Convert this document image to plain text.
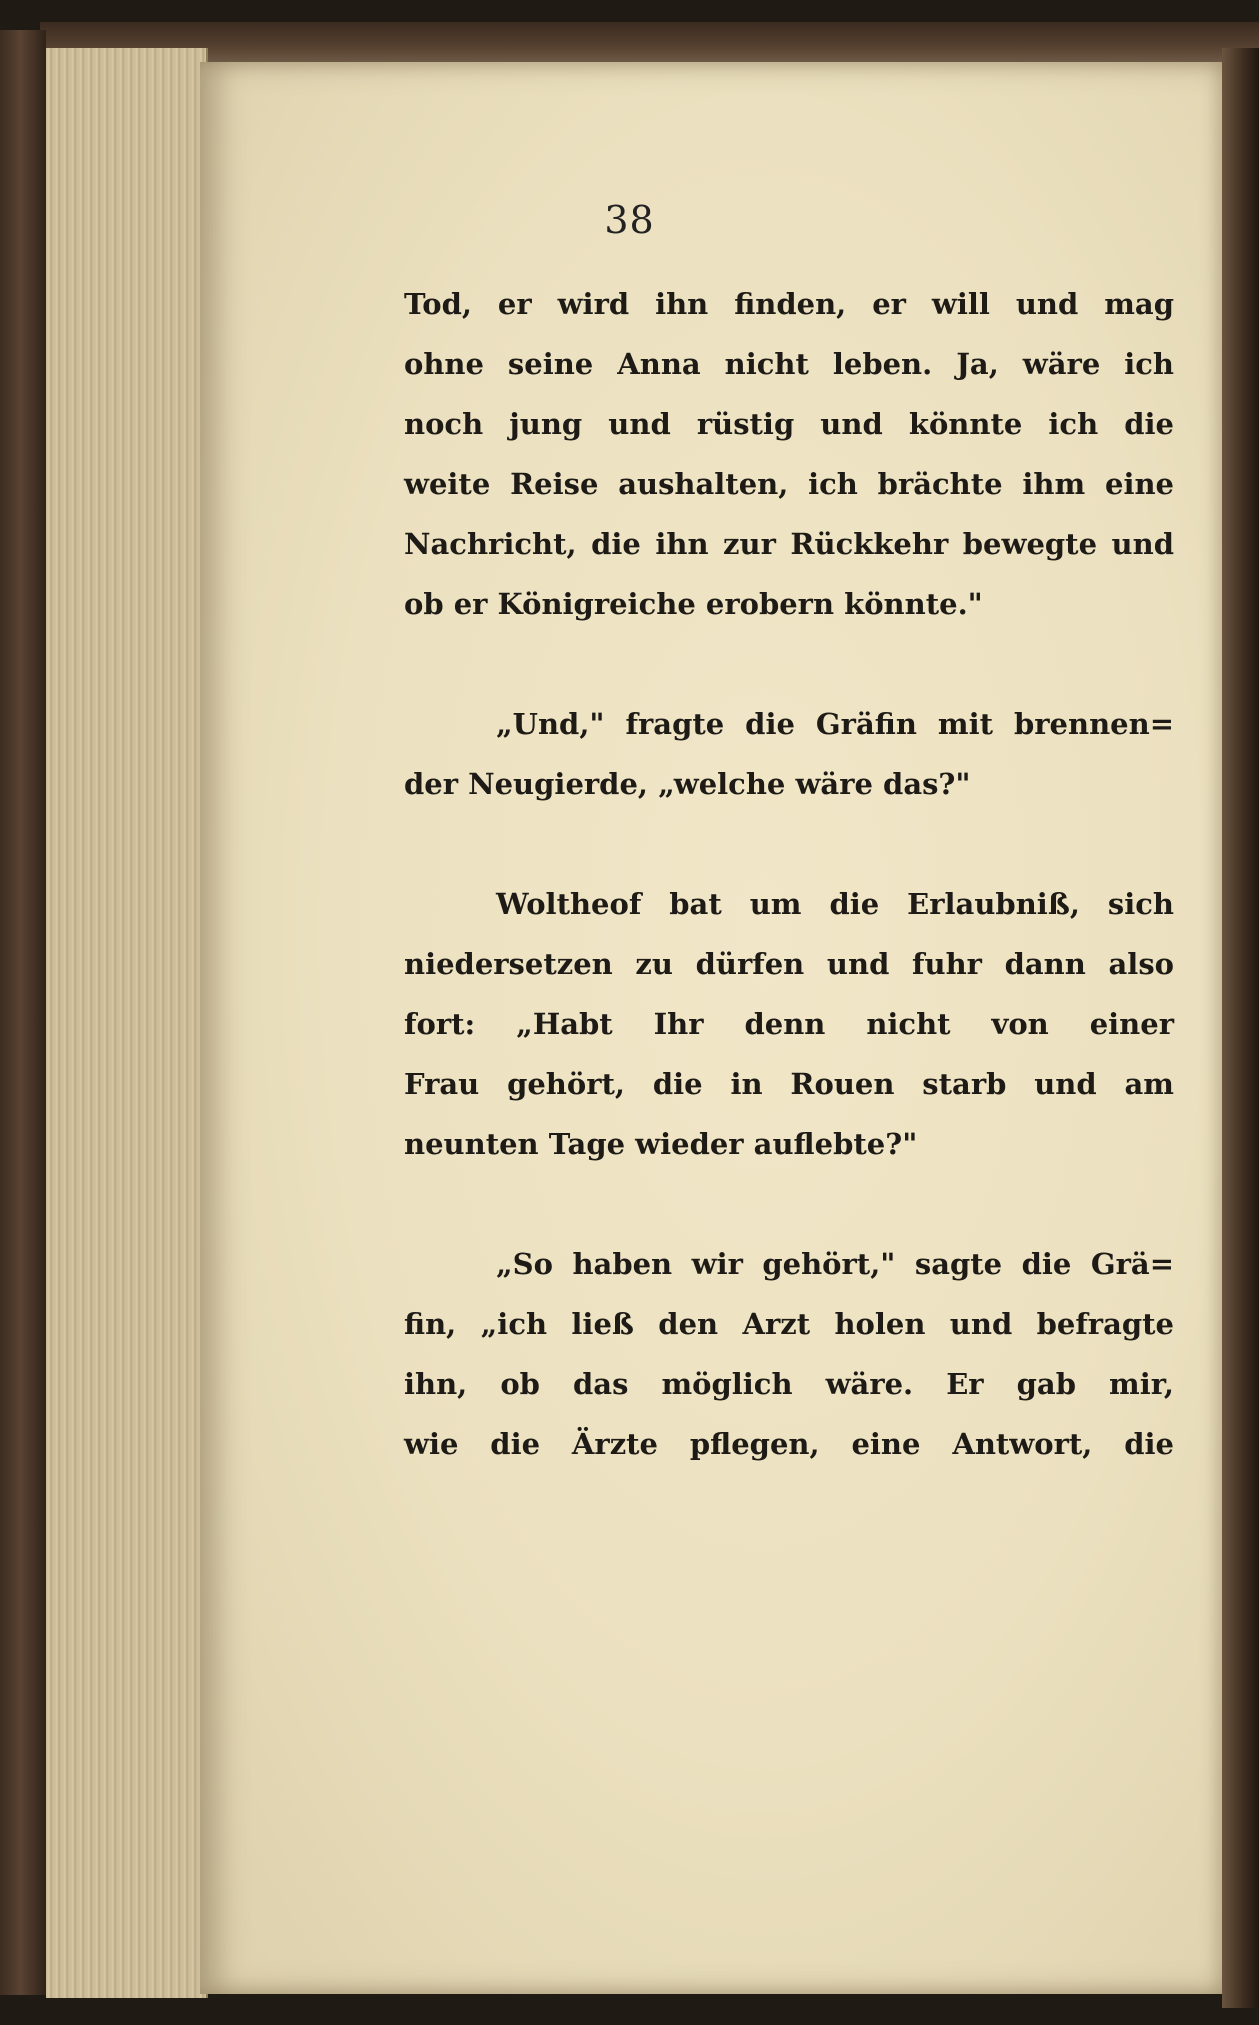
38
Tod, er wird ihn finden, er will und mag
ohne seine Anna nicht leben. Ja, wäre ich
noch jung und rüstig und könnte ich die
weite Reise aushalten, ich brächte ihm eine
Nachricht, die ihn zur Rückkehr bewegte und
ob er Königreiche erobern könnte."
„Und," fragte die Gräfin mit brennen=
der Neugierde, „welche wäre das?"
Woltheof bat um die Erlaubniß, sich
niedersetzen zu dürfen und fuhr dann also
fort: „Habt Ihr denn nicht von einer
Frau gehört, die in Rouen starb und am
neunten Tage wieder auflebte?"
„So haben wir gehört," sagte die Grä=
fin, „ich ließ den Arzt holen und befragte
ihn, ob das möglich wäre. Er gab mir,
wie die Ärzte pflegen, eine Antwort, die
